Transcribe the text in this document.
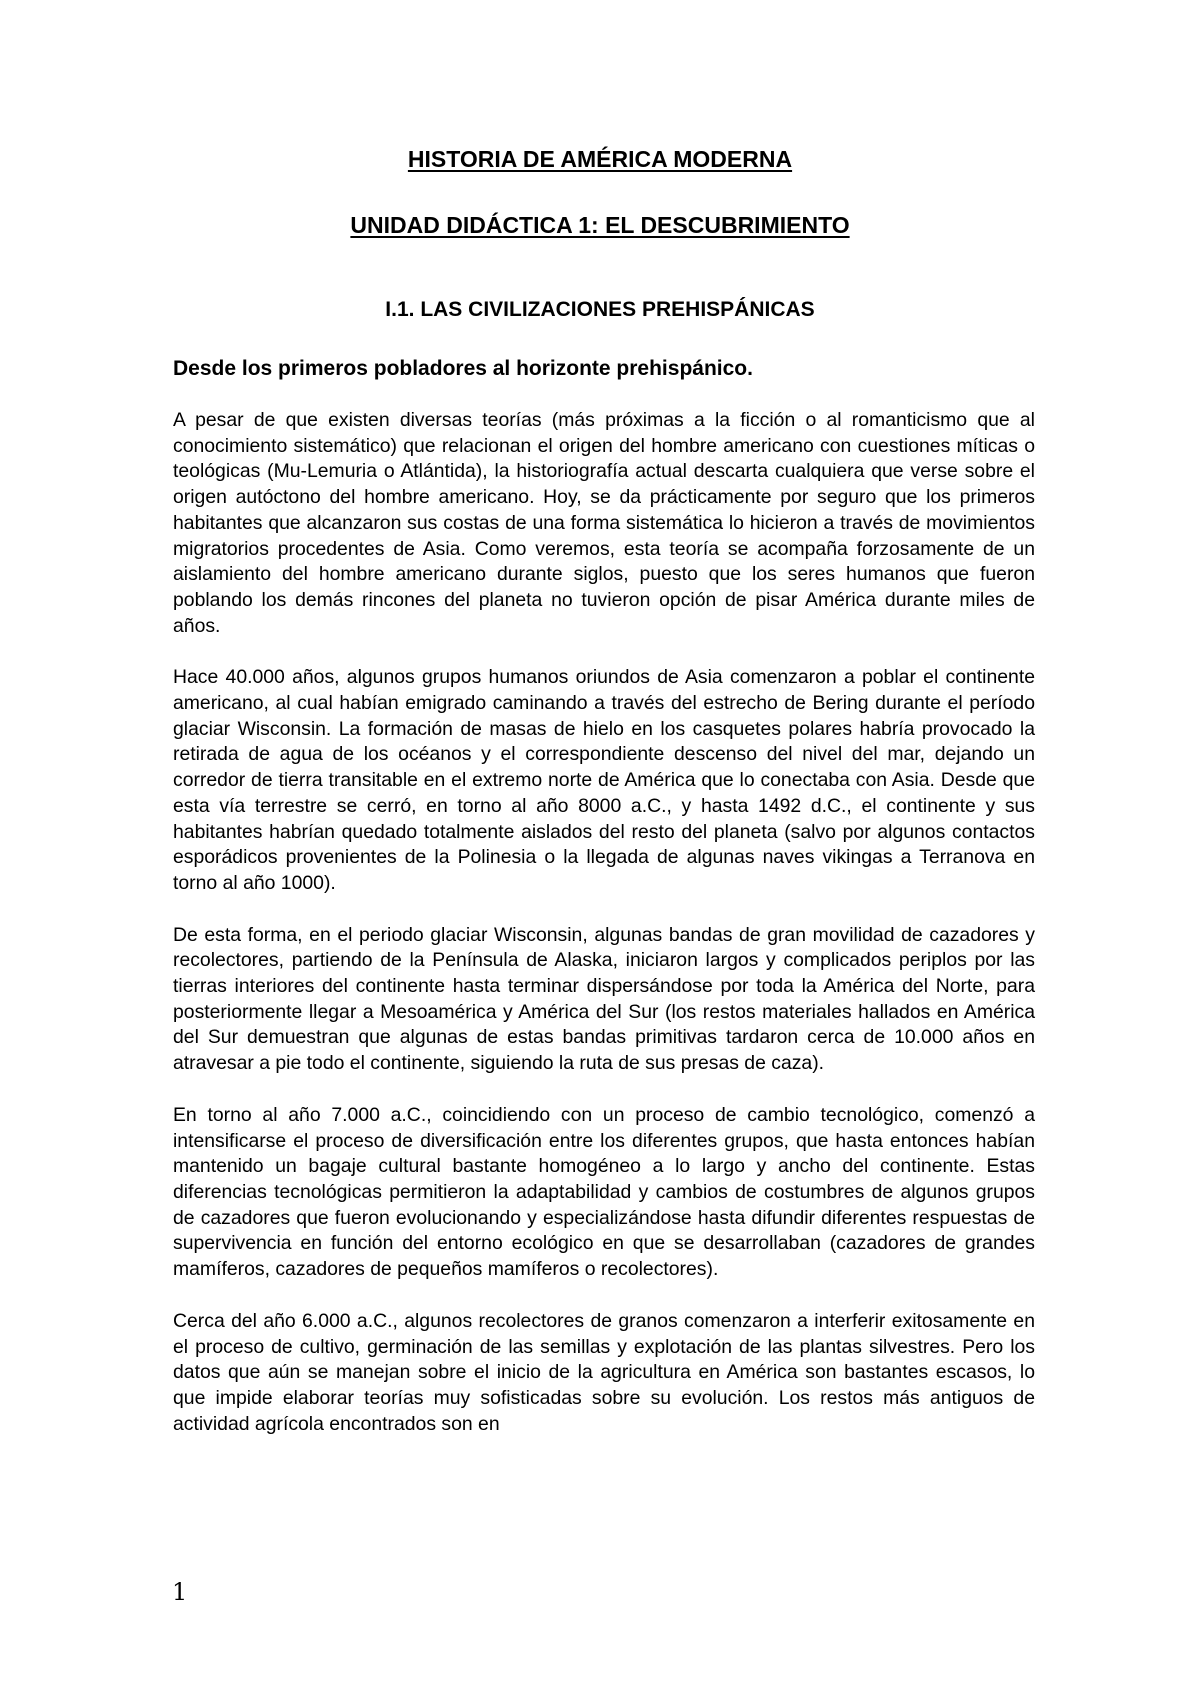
HISTORIA DE AMÉRICA MODERNA
UNIDAD DIDÁCTICA 1: EL DESCUBRIMIENTO
I.1. LAS CIVILIZACIONES PREHISPÁNICAS
Desde los primeros pobladores al horizonte prehispánico.

A pesar de que existen diversas teorías (más próximas a la ficción o al romanticismo que al conocimiento sistemático) que relacionan el origen del hombre americano con cuestiones míticas o teológicas (Mu-Lemuria o Atlántida), la historiografía actual descarta cualquiera que verse sobre el origen autóctono del hombre americano. Hoy, se da prácticamente por seguro que los primeros habitantes que alcanzaron sus costas de una forma sistemática lo hicieron a través de movimientos migratorios procedentes de Asia. Como veremos, esta teoría se acompaña forzosamente de un aislamiento del hombre americano durante siglos, puesto que los seres humanos que fueron poblando los demás rincones del planeta no tuvieron opción de pisar América durante miles de años.

Hace 40.000 años, algunos grupos humanos oriundos de Asia comenzaron a poblar el continente americano, al cual habían emigrado caminando a través del estrecho de Bering durante el período glaciar Wisconsin. La formación de masas de hielo en los casquetes polares habría provocado la retirada de agua de los océanos y el correspondiente descenso del nivel del mar, dejando un corredor de tierra transitable en el extremo norte de América que lo conectaba con Asia. Desde que esta vía terrestre se cerró, en torno al año 8000 a.C., y hasta 1492 d.C., el continente y sus habitantes habrían quedado totalmente aislados del resto del planeta (salvo por algunos contactos esporádicos provenientes de la Polinesia o la llegada de algunas naves vikingas a Terranova en torno al año 1000).

De esta forma, en el periodo glaciar Wisconsin, algunas bandas de gran movilidad de cazadores y recolectores, partiendo de la Península de Alaska, iniciaron largos y complicados periplos por las tierras interiores del continente hasta terminar dispersándose por toda la América del Norte, para posteriormente llegar a Mesoamérica y América del Sur (los restos materiales hallados en América del Sur demuestran que algunas de estas bandas primitivas tardaron cerca de 10.000 años en atravesar a pie todo el continente, siguiendo la ruta de sus presas de caza).

En torno al año 7.000 a.C., coincidiendo con un proceso de cambio tecnológico, comenzó a intensificarse el proceso de diversificación entre los diferentes grupos, que hasta entonces habían mantenido un bagaje cultural bastante homogéneo a lo largo y ancho del continente. Estas diferencias tecnológicas permitieron la adaptabilidad y cambios de costumbres de algunos grupos de cazadores que fueron evolucionando y especializándose hasta difundir diferentes respuestas de supervivencia en función del entorno ecológico en que se desarrollaban (cazadores de grandes mamíferos, cazadores de pequeños mamíferos o recolectores).

Cerca del año 6.000 a.C., algunos recolectores de granos comenzaron a interferir exitosamente en el proceso de cultivo, germinación de las semillas y explotación de las plantas silvestres. Pero los datos que aún se manejan sobre el inicio de la agricultura en América son bastantes escasos, lo que impide elaborar teorías muy sofisticadas sobre su evolución. Los restos más antiguos de actividad agrícola encontrados son en

1
